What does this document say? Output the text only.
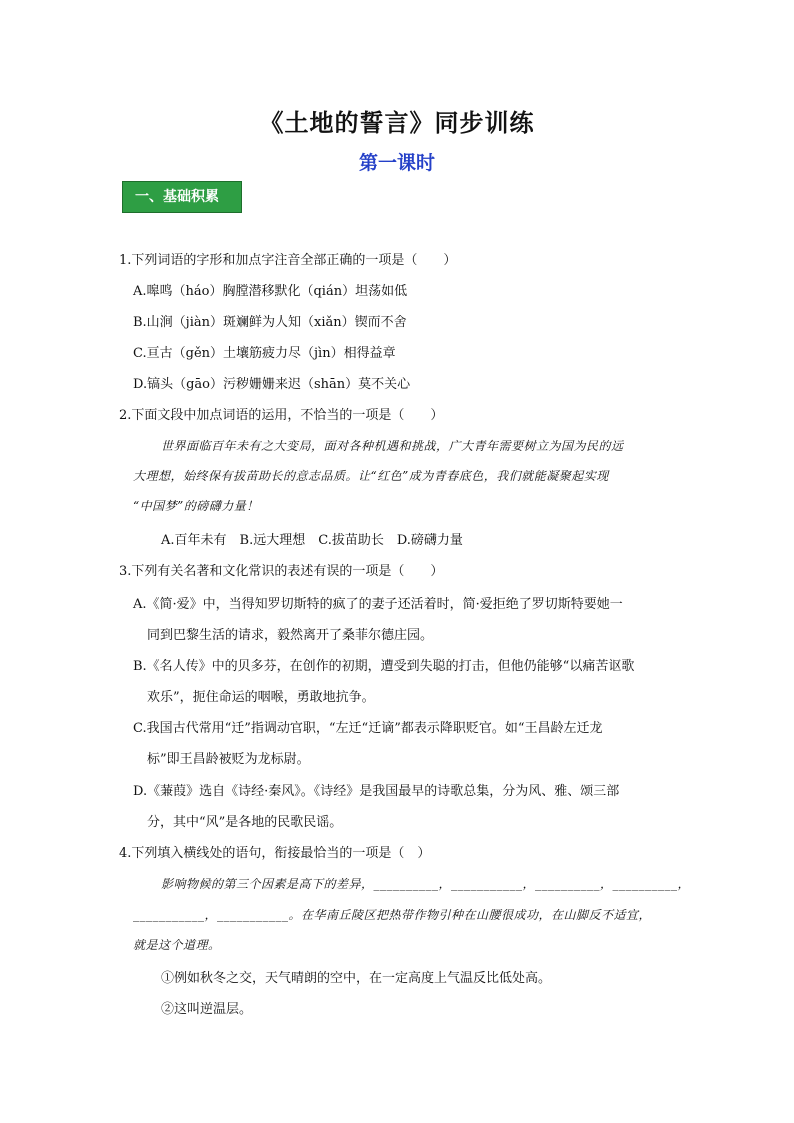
《土地的誓言》同步训练
第一课时
一、基础积累
1.下列词语的字形和加点字注音全部正确的一项是（　　）
A.嗥鸣（háo）胸膛潜移默化（qián）坦荡如低
B.山涧（jiàn）斑斓鲜为人知（xiǎn）锲而不舍
C.亘古（gěn）土壤筋疲力尽（jìn）相得益章
D.镐头（gāo）污秽姗姗来迟（shān）莫不关心
2.下面文段中加点词语的运用，不恰当的一项是（　　）
世界面临百年未有之大变局，面对各种机遇和挑战，广大青年需要树立为国为民的远
大理想，始终保有拔苗助长的意志品质。让“红色”成为青春底色，我们就能凝聚起实现
“中国梦”的磅礴力量！
A.百年未有　B.远大理想　C.拔苗助长　D.磅礴力量
3.下列有关名著和文化常识的表述有误的一项是（　　）
A.《简·爱》中，当得知罗切斯特的疯了的妻子还活着时，简·爱拒绝了罗切斯特要她一
同到巴黎生活的请求，毅然离开了桑菲尔德庄园。
B.《名人传》中的贝多芬，在创作的初期，遭受到失聪的打击，但他仍能够“以痛苦讴歌
欢乐”，扼住命运的咽喉，勇敢地抗争。
C.我国古代常用“迁”指调动官职，“左迁“迁谪”都表示降职贬官。如“王昌龄左迁龙
标”即王昌龄被贬为龙标尉。
D.《蒹葭》选自《诗经·秦风》。《诗经》是我国最早的诗歌总集，分为风、雅、颂三部
分，其中“风”是各地的民歌民谣。
4.下列填入横线处的语句，衔接最恰当的一项是（　）
影响物候的第三个因素是高下的差异，__________，___________，__________，__________，
___________，___________。在华南丘陵区把热带作物引种在山腰很成功，在山脚反不适宜，
就是这个道理。
①例如秋冬之交，天气晴朗的空中，在一定高度上气温反比低处高。
②这叫逆温层。
